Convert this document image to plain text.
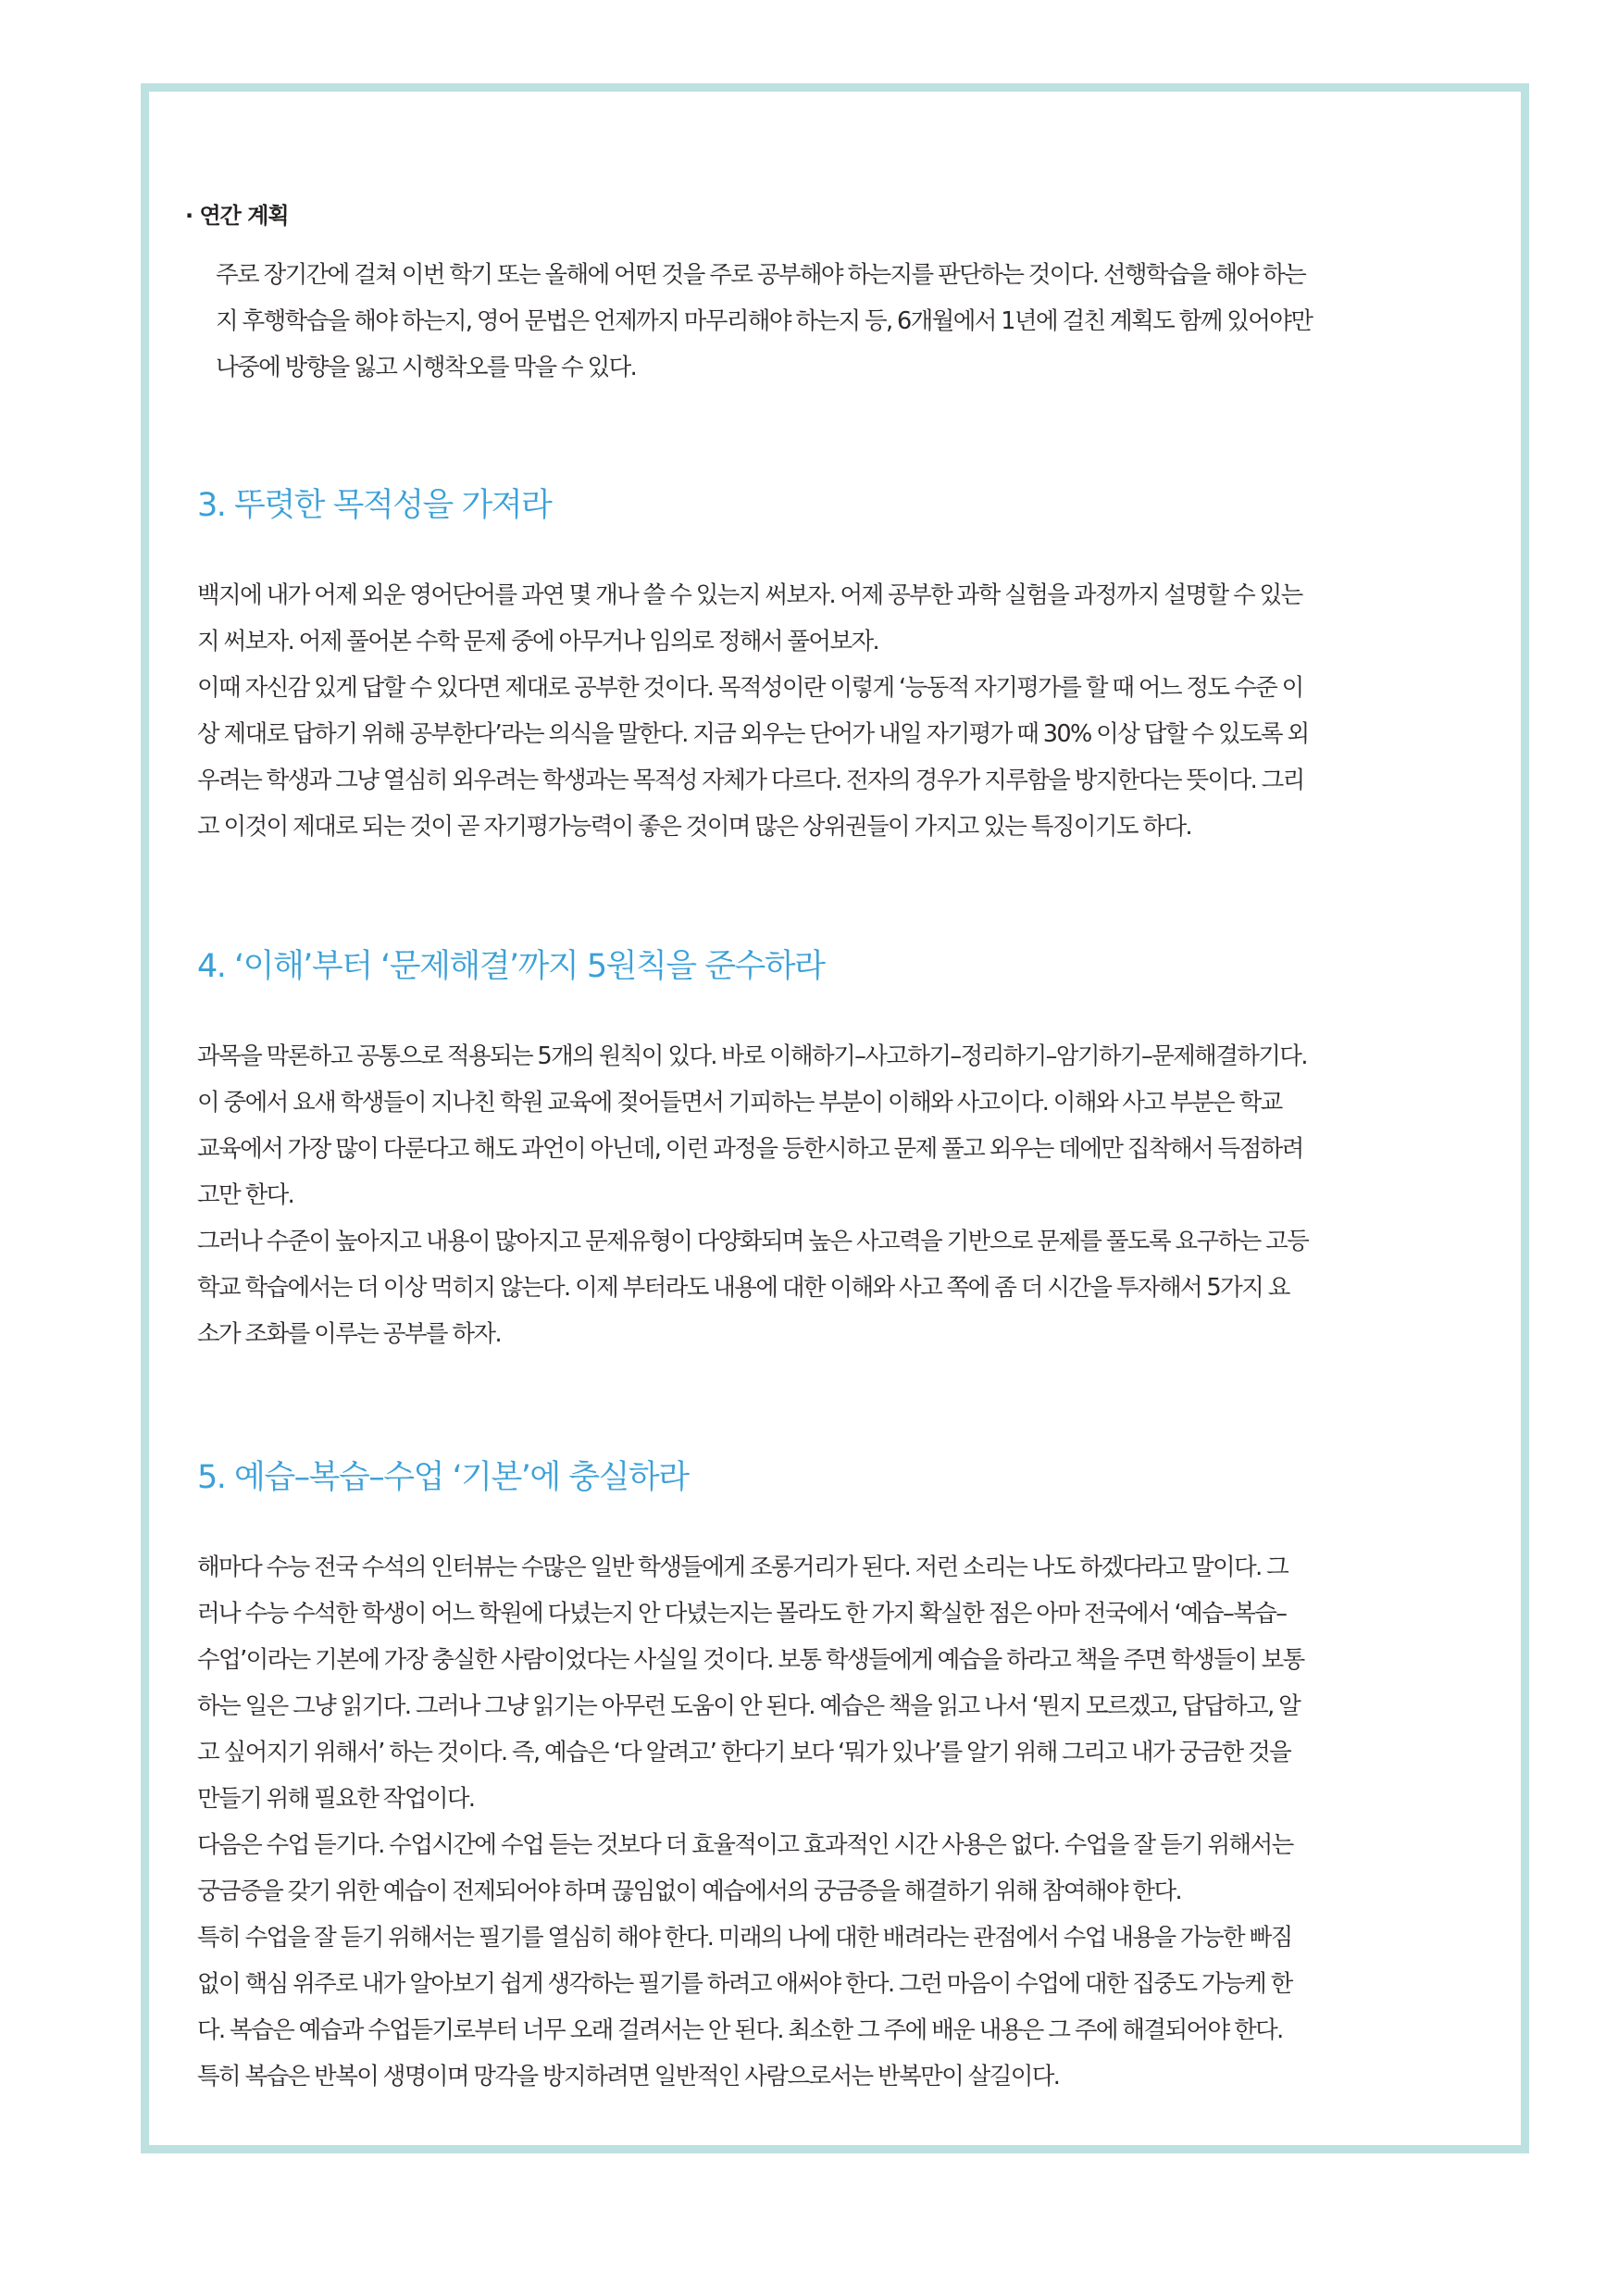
· 연간 계획
주로 장기간에 걸쳐 이번 학기 또는 올해에 어떤 것을 주로 공부해야 하는지를 판단하는 것이다. 선행학습을 해야 하는
지 후행학습을 해야 하는지, 영어 문법은 언제까지 마무리해야 하는지 등, 6개월에서 1년에 걸친 계획도 함께 있어야만
나중에 방향을 잃고 시행착오를 막을 수 있다.
3. 뚜렷한 목적성을 가져라
백지에 내가 어제 외운 영어단어를 과연 몇 개나 쓸 수 있는지 써보자. 어제 공부한 과학 실험을 과정까지 설명할 수 있는
지 써보자. 어제 풀어본 수학 문제 중에 아무거나 임의로 정해서 풀어보자.
이때 자신감 있게 답할 수 있다면 제대로 공부한 것이다. 목적성이란 이렇게 ‘능동적 자기평가를 할 때 어느 정도 수준 이
상 제대로 답하기 위해 공부한다’라는 의식을 말한다. 지금 외우는 단어가 내일 자기평가 때 30% 이상 답할 수 있도록 외
우려는 학생과 그냥 열심히 외우려는 학생과는 목적성 자체가 다르다. 전자의 경우가 지루함을 방지한다는 뜻이다. 그리
고 이것이 제대로 되는 것이 곧 자기평가능력이 좋은 것이며 많은 상위권들이 가지고 있는 특징이기도 하다.
4. ‘이해’부터 ‘문제해결’까지 5원칙을 준수하라
과목을 막론하고 공통으로 적용되는 5개의 원칙이 있다. 바로 이해하기–사고하기–정리하기–암기하기–문제해결하기다.
이 중에서 요새 학생들이 지나친 학원 교육에 젖어들면서 기피하는 부분이 이해와 사고이다. 이해와 사고 부분은 학교
교육에서 가장 많이 다룬다고 해도 과언이 아닌데, 이런 과정을 등한시하고 문제 풀고 외우는 데에만 집착해서 득점하려
고만 한다.
그러나 수준이 높아지고 내용이 많아지고 문제유형이 다양화되며 높은 사고력을 기반으로 문제를 풀도록 요구하는 고등
학교 학습에서는 더 이상 먹히지 않는다. 이제 부터라도 내용에 대한 이해와 사고 쪽에 좀 더 시간을 투자해서 5가지 요
소가 조화를 이루는 공부를 하자.
5. 예습–복습–수업 ‘기본’에 충실하라
해마다 수능 전국 수석의 인터뷰는 수많은 일반 학생들에게 조롱거리가 된다. 저런 소리는 나도 하겠다라고 말이다. 그
러나 수능 수석한 학생이 어느 학원에 다녔는지 안 다녔는지는 몰라도 한 가지 확실한 점은 아마 전국에서 ‘예습–복습–
수업’이라는 기본에 가장 충실한 사람이었다는 사실일 것이다. 보통 학생들에게 예습을 하라고 책을 주면 학생들이 보통
하는 일은 그냥 읽기다. 그러나 그냥 읽기는 아무런 도움이 안 된다. 예습은 책을 읽고 나서 ‘뭔지 모르겠고, 답답하고, 알
고 싶어지기 위해서’ 하는 것이다. 즉, 예습은 ‘다 알려고’ 한다기 보다 ‘뭐가 있나’를 알기 위해 그리고 내가 궁금한 것을
만들기 위해 필요한 작업이다.
다음은 수업 듣기다. 수업시간에 수업 듣는 것보다 더 효율적이고 효과적인 시간 사용은 없다. 수업을 잘 듣기 위해서는
궁금증을 갖기 위한 예습이 전제되어야 하며 끊임없이 예습에서의 궁금증을 해결하기 위해 참여해야 한다.
특히 수업을 잘 듣기 위해서는 필기를 열심히 해야 한다. 미래의 나에 대한 배려라는 관점에서 수업 내용을 가능한 빠짐
없이 핵심 위주로 내가 알아보기 쉽게 생각하는 필기를 하려고 애써야 한다. 그런 마음이 수업에 대한 집중도 가능케 한
다. 복습은 예습과 수업듣기로부터 너무 오래 걸려서는 안 된다. 최소한 그 주에 배운 내용은 그 주에 해결되어야 한다.
특히 복습은 반복이 생명이며 망각을 방지하려면 일반적인 사람으로서는 반복만이 살길이다.
